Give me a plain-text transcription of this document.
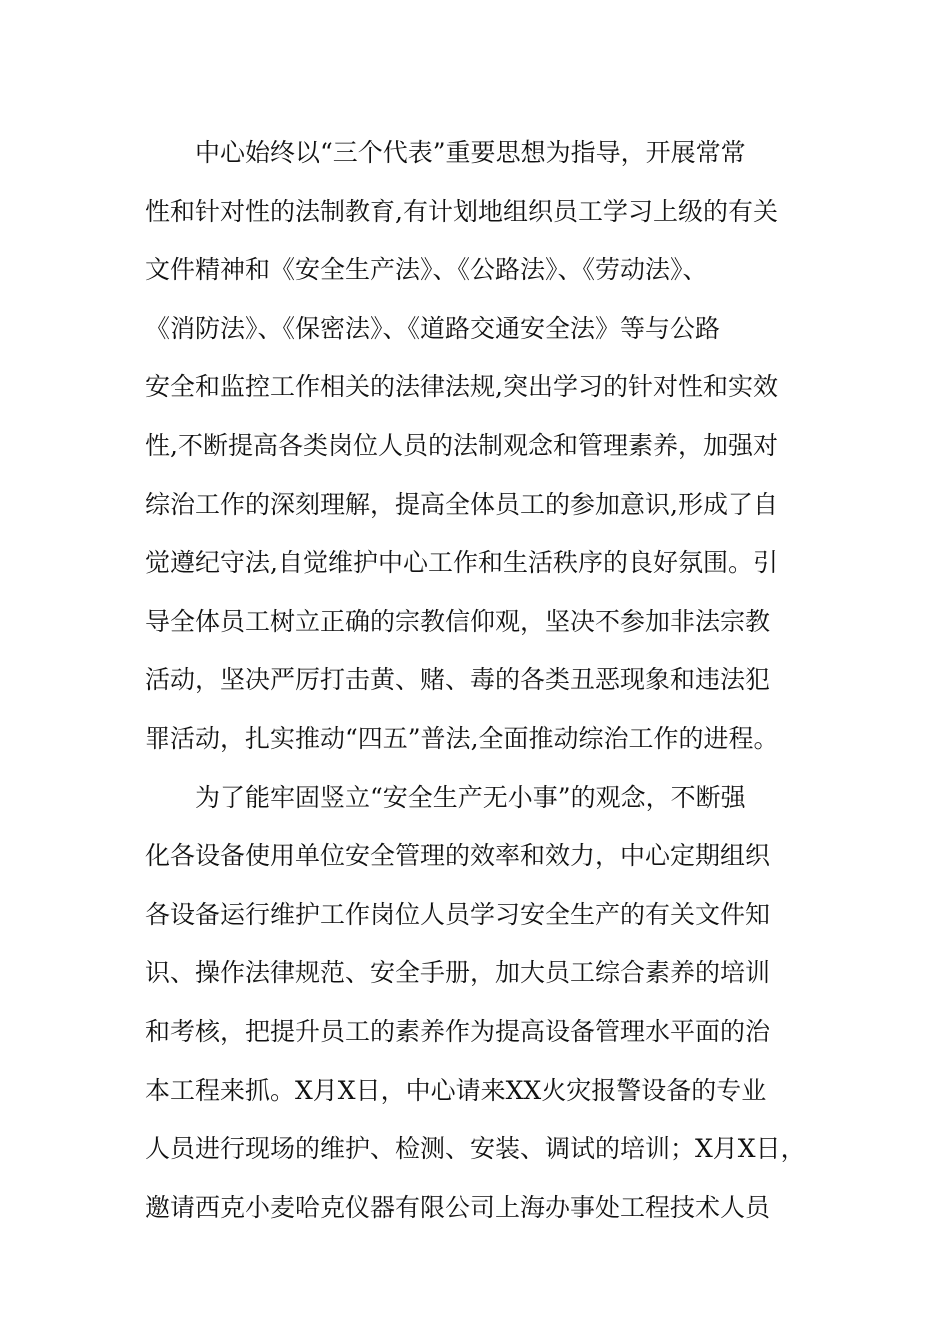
中心始终以“三个代表”重要思想为指导，开展常常
性和针对性的法制教育,有计划地组织员工学习上级的有关
文件精神和《安全生产法》、《公路法》、《劳动法》、
《消防法》、《保密法》、《道路交通安全法》等与公路
安全和监控工作相关的法律法规,突出学习的针对性和实效
性,不断提高各类岗位人员的法制观念和管理素养，加强对
综治工作的深刻理解，提高全体员工的参加意识,形成了自
觉遵纪守法,自觉维护中心工作和生活秩序的良好氛围。引
导全体员工树立正确的宗教信仰观，坚决不参加非法宗教
活动，坚决严厉打击黄、赌、毒的各类丑恶现象和违法犯
罪活动，扎实推动“四五”普法,全面推动综治工作的进程。
为了能牢固竖立“安全生产无小事”的观念，不断强
化各设备使用单位安全管理的效率和效力，中心定期组织
各设备运行维护工作岗位人员学习安全生产的有关文件知
识、操作法律规范、安全手册，加大员工综合素养的培训
和考核，把提升员工的素养作为提高设备管理水平面的治
本工程来抓。X月X日，中心请来XX火灾报警设备的专业
人员进行现场的维护、检测、安装、调试的培训；X月X日，
邀请西克小麦哈克仪器有限公司上海办事处工程技术人员
